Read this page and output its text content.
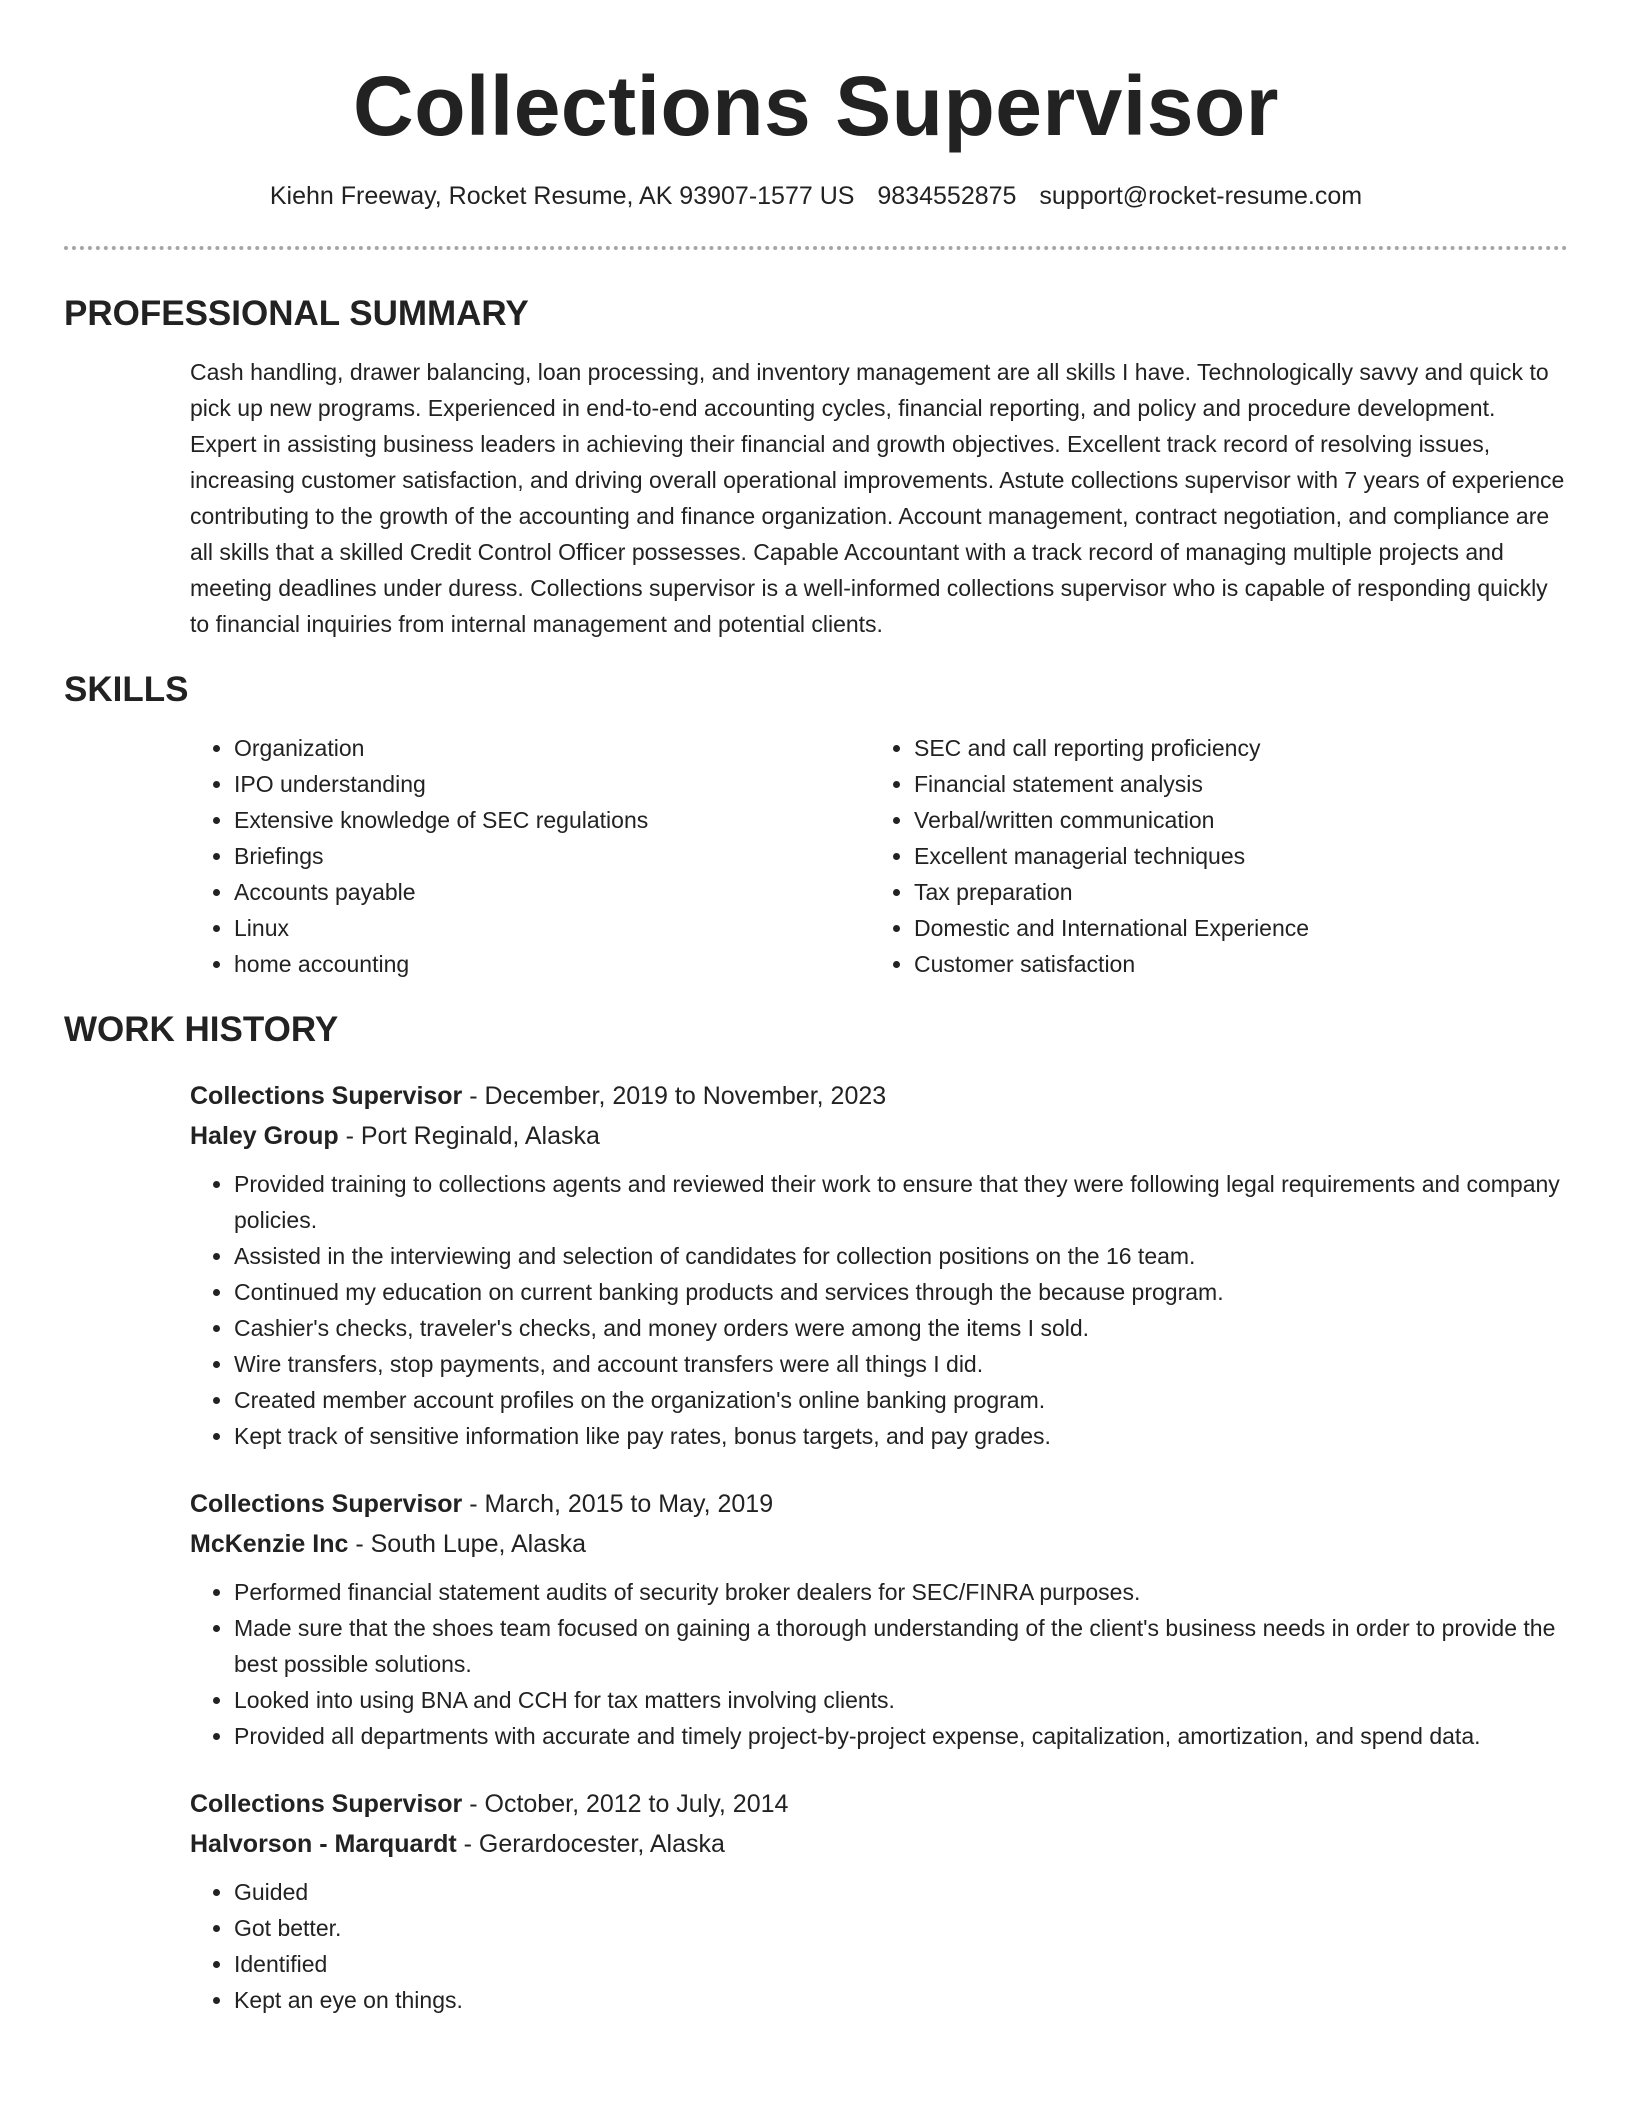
Collections Supervisor
Kiehn Freeway, Rocket Resume, AK 93907-1577 US 9834552875 support@rocket-resume.com
PROFESSIONAL SUMMARY
Cash handling, drawer balancing, loan processing, and inventory management are all skills I have. Technologically savvy and quick to pick up new programs. Experienced in end-to-end accounting cycles, financial reporting, and policy and procedure development. Expert in assisting business leaders in achieving their financial and growth objectives. Excellent track record of resolving issues, increasing customer satisfaction, and driving overall operational improvements. Astute collections supervisor with 7 years of experience contributing to the growth of the accounting and finance organization. Account management, contract negotiation, and compliance are all skills that a skilled Credit Control Officer possesses. Capable Accountant with a track record of managing multiple projects and meeting deadlines under duress. Collections supervisor is a well-informed collections supervisor who is capable of responding quickly to financial inquiries from internal management and potential clients.
SKILLS
• Organization
• IPO understanding
• Extensive knowledge of SEC regulations
• Briefings
• Accounts payable
• Linux
• home accounting
• SEC and call reporting proficiency
• Financial statement analysis
• Verbal/written communication
• Excellent managerial techniques
• Tax preparation
• Domestic and International Experience
• Customer satisfaction
WORK HISTORY
Collections Supervisor - December, 2019 to November, 2023
Haley Group - Port Reginald, Alaska
• Provided training to collections agents and reviewed their work to ensure that they were following legal requirements and company policies.
• Assisted in the interviewing and selection of candidates for collection positions on the 16 team.
• Continued my education on current banking products and services through the because program.
• Cashier's checks, traveler's checks, and money orders were among the items I sold.
• Wire transfers, stop payments, and account transfers were all things I did.
• Created member account profiles on the organization's online banking program.
• Kept track of sensitive information like pay rates, bonus targets, and pay grades.
Collections Supervisor - March, 2015 to May, 2019
McKenzie Inc - South Lupe, Alaska
• Performed financial statement audits of security broker dealers for SEC/FINRA purposes.
• Made sure that the shoes team focused on gaining a thorough understanding of the client's business needs in order to provide the best possible solutions.
• Looked into using BNA and CCH for tax matters involving clients.
• Provided all departments with accurate and timely project-by-project expense, capitalization, amortization, and spend data.
Collections Supervisor - October, 2012 to July, 2014
Halvorson - Marquardt - Gerardocester, Alaska
• Guided
• Got better.
• Identified
• Kept an eye on things.
